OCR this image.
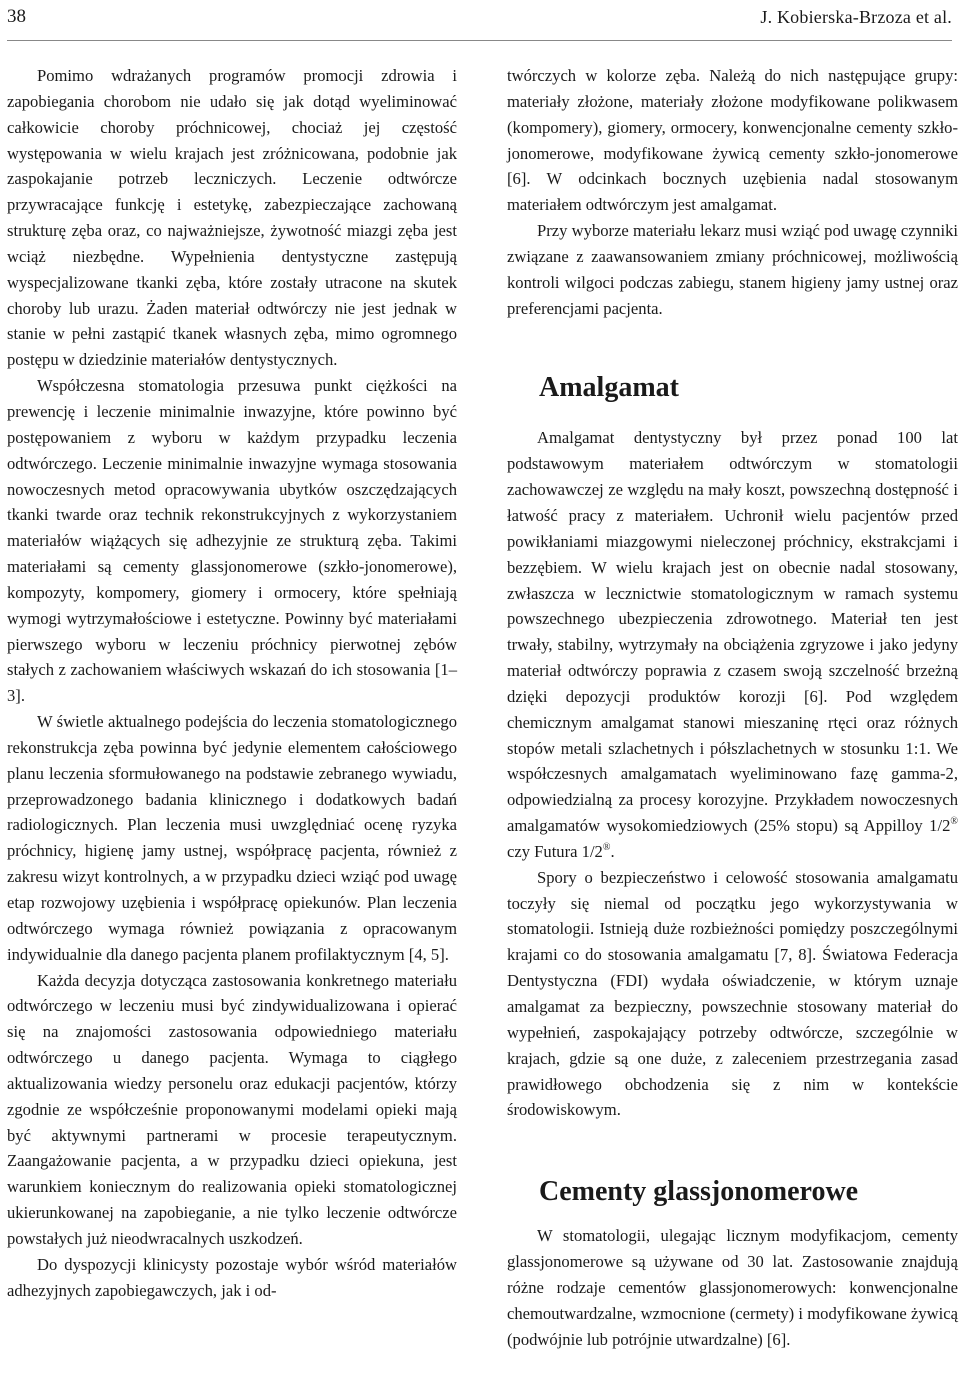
38	J. Kobierska-Brzoza et al.

Pomimo wdrażanych programów promocji zdrowia i zapobiegania chorobom nie udało się jak dotąd wyeliminować całkowicie choroby próchnicowej, chociaż jej częstość występowania w wielu krajach jest zróżnicowana, podobnie jak zaspokajanie potrzeb leczniczych. Leczenie odtwórcze przywracające funkcję i estetykę, zabezpieczające zachowaną strukturę zęba oraz, co najważniejsze, żywotność miazgi zęba jest wciąż niezbędne. Wypełnienia dentystyczne zastępują wyspecjalizowane tkanki zęba, które zostały utracone na skutek choroby lub urazu. Żaden materiał odtwórczy nie jest jednak w stanie w pełni zastąpić tkanek własnych zęba, mimo ogromnego postępu w dziedzinie materiałów dentystycznych.

Współczesna stomatologia przesuwa punkt ciężkości na prewencję i leczenie minimalnie inwazyjne, które powinno być postępowaniem z wyboru w każdym przypadku leczenia odtwórczego. Leczenie minimalnie inwazyjne wymaga stosowania nowoczesnych metod opracowywania ubytków oszczędzających tkanki twarde oraz technik rekonstrukcyjnych z wykorzystaniem materiałów wiążących się adhezyjnie ze strukturą zęba. Takimi materiałami są cementy glassjonomerowe (szkło-jonomerowe), kompozyty, kompomery, giomery i ormocery, które spełniają wymogi wytrzymałościowe i estetyczne. Powinny być materiałami pierwszego wyboru w leczeniu próchnicy pierwotnej zębów stałych z zachowaniem właściwych wskazań do ich stosowania [1–3].

W świetle aktualnego podejścia do leczenia stomatologicznego rekonstrukcja zęba powinna być jedynie elementem całościowego planu leczenia sformułowanego na podstawie zebranego wywiadu, przeprowadzonego badania klinicznego i dodatkowych badań radiologicznych. Plan leczenia musi uwzględniać ocenę ryzyka próchnicy, higienę jamy ustnej, współpracę pacjenta, również z zakresu wizyt kontrolnych, a w przypadku dzieci wziąć pod uwagę etap rozwojowy uzębienia i współpracę opiekunów. Plan leczenia odtwórczego wymaga również powiązania z opracowanym indywidualnie dla danego pacjenta planem profilaktycznym [4, 5].

Każda decyzja dotycząca zastosowania konkretnego materiału odtwórczego w leczeniu musi być zindywidualizowana i opierać się na znajomości zastosowania odpowiedniego materiału odtwórczego u danego pacjenta. Wymaga to ciągłego aktualizowania wiedzy personelu oraz edukacji pacjentów, którzy zgodnie ze współcześnie proponowanymi modelami opieki mają być aktywnymi partnerami w procesie terapeutycznym. Zaangażowanie pacjenta, a w przypadku dzieci opiekuna, jest warunkiem koniecznym do realizowania opieki stomatologicznej ukierunkowanej na zapobieganie, a nie tylko leczenie odtwórcze powstałych już nieodwracalnych uszkodzeń.

Do dyspozycji klinicysty pozostaje wybór wśród materiałów adhezyjnych zapobiegawczych, jak i od-

twórczych w kolorze zęba. Należą do nich następujące grupy: materiały złożone, materiały złożone modyfikowane polikwasem (kompomery), giomery, ormocery, konwencjonalne cementy szkło-jonomerowe, modyfikowane żywicą cementy szkło-jonomerowe [6]. W odcinkach bocznych uzębienia nadal stosowanym materiałem odtwórczym jest amalgamat.

Przy wyborze materiału lekarz musi wziąć pod uwagę czynniki związane z zaawansowaniem zmiany próchnicowej, możliwością kontroli wilgoci podczas zabiegu, stanem higieny jamy ustnej oraz preferencjami pacjenta.

Amalgamat

Amalgamat dentystyczny był przez ponad 100 lat podstawowym materiałem odtwórczym w stomatologii zachowawczej ze względu na mały koszt, powszechną dostępność i łatwość pracy z materiałem. Uchronił wielu pacjentów przed powikłaniami miazgowymi nieleczonej próchnicy, ekstrakcjami i bezzębiem. W wielu krajach jest on obecnie nadal stosowany, zwłaszcza w lecznictwie stomatologicznym w ramach systemu powszechnego ubezpieczenia zdrowotnego. Materiał ten jest trwały, stabilny, wytrzymały na obciążenia zgryzowe i jako jedyny materiał odtwórczy poprawia z czasem swoją szczelność brzeżną dzięki depozycji produktów korozji [6]. Pod względem chemicznym amalgamat stanowi mieszaninę rtęci oraz różnych stopów metali szlachetnych i półszlachetnych w stosunku 1:1. We współczesnych amalgamatach wyeliminowano fazę gamma-2, odpowiedzialną za procesy korozyjne. Przykładem nowoczesnych amalgamatów wysokomiedziowych (25% stopu) są Appilloy 1/2® czy Futura 1/2®.

Spory o bezpieczeństwo i celowość stosowania amalgamatu toczyły się niemal od początku jego wykorzystywania w stomatologii. Istnieją duże rozbieżności pomiędzy poszczególnymi krajami co do stosowania amalgamatu [7, 8]. Światowa Federacja Dentystyczna (FDI) wydała oświadczenie, w którym uznaje amalgamat za bezpieczny, powszechnie stosowany materiał do wypełnień, zaspokajający potrzeby odtwórcze, szczególnie w krajach, gdzie są one duże, z zaleceniem przestrzegania zasad prawidłowego obchodzenia się z nim w kontekście środowiskowym.

Cementy glassjonomerowe

W stomatologii, ulegając licznym modyfikacjom, cementy glassjonomerowe są używane od 30 lat. Zastosowanie znajdują różne rodzaje cementów glassjonomerowych: konwencjonalne chemoutwardzalne, wzmocnione (cermety) i modyfikowane żywicą (podwójnie lub potrójnie utwardzalne) [6].
